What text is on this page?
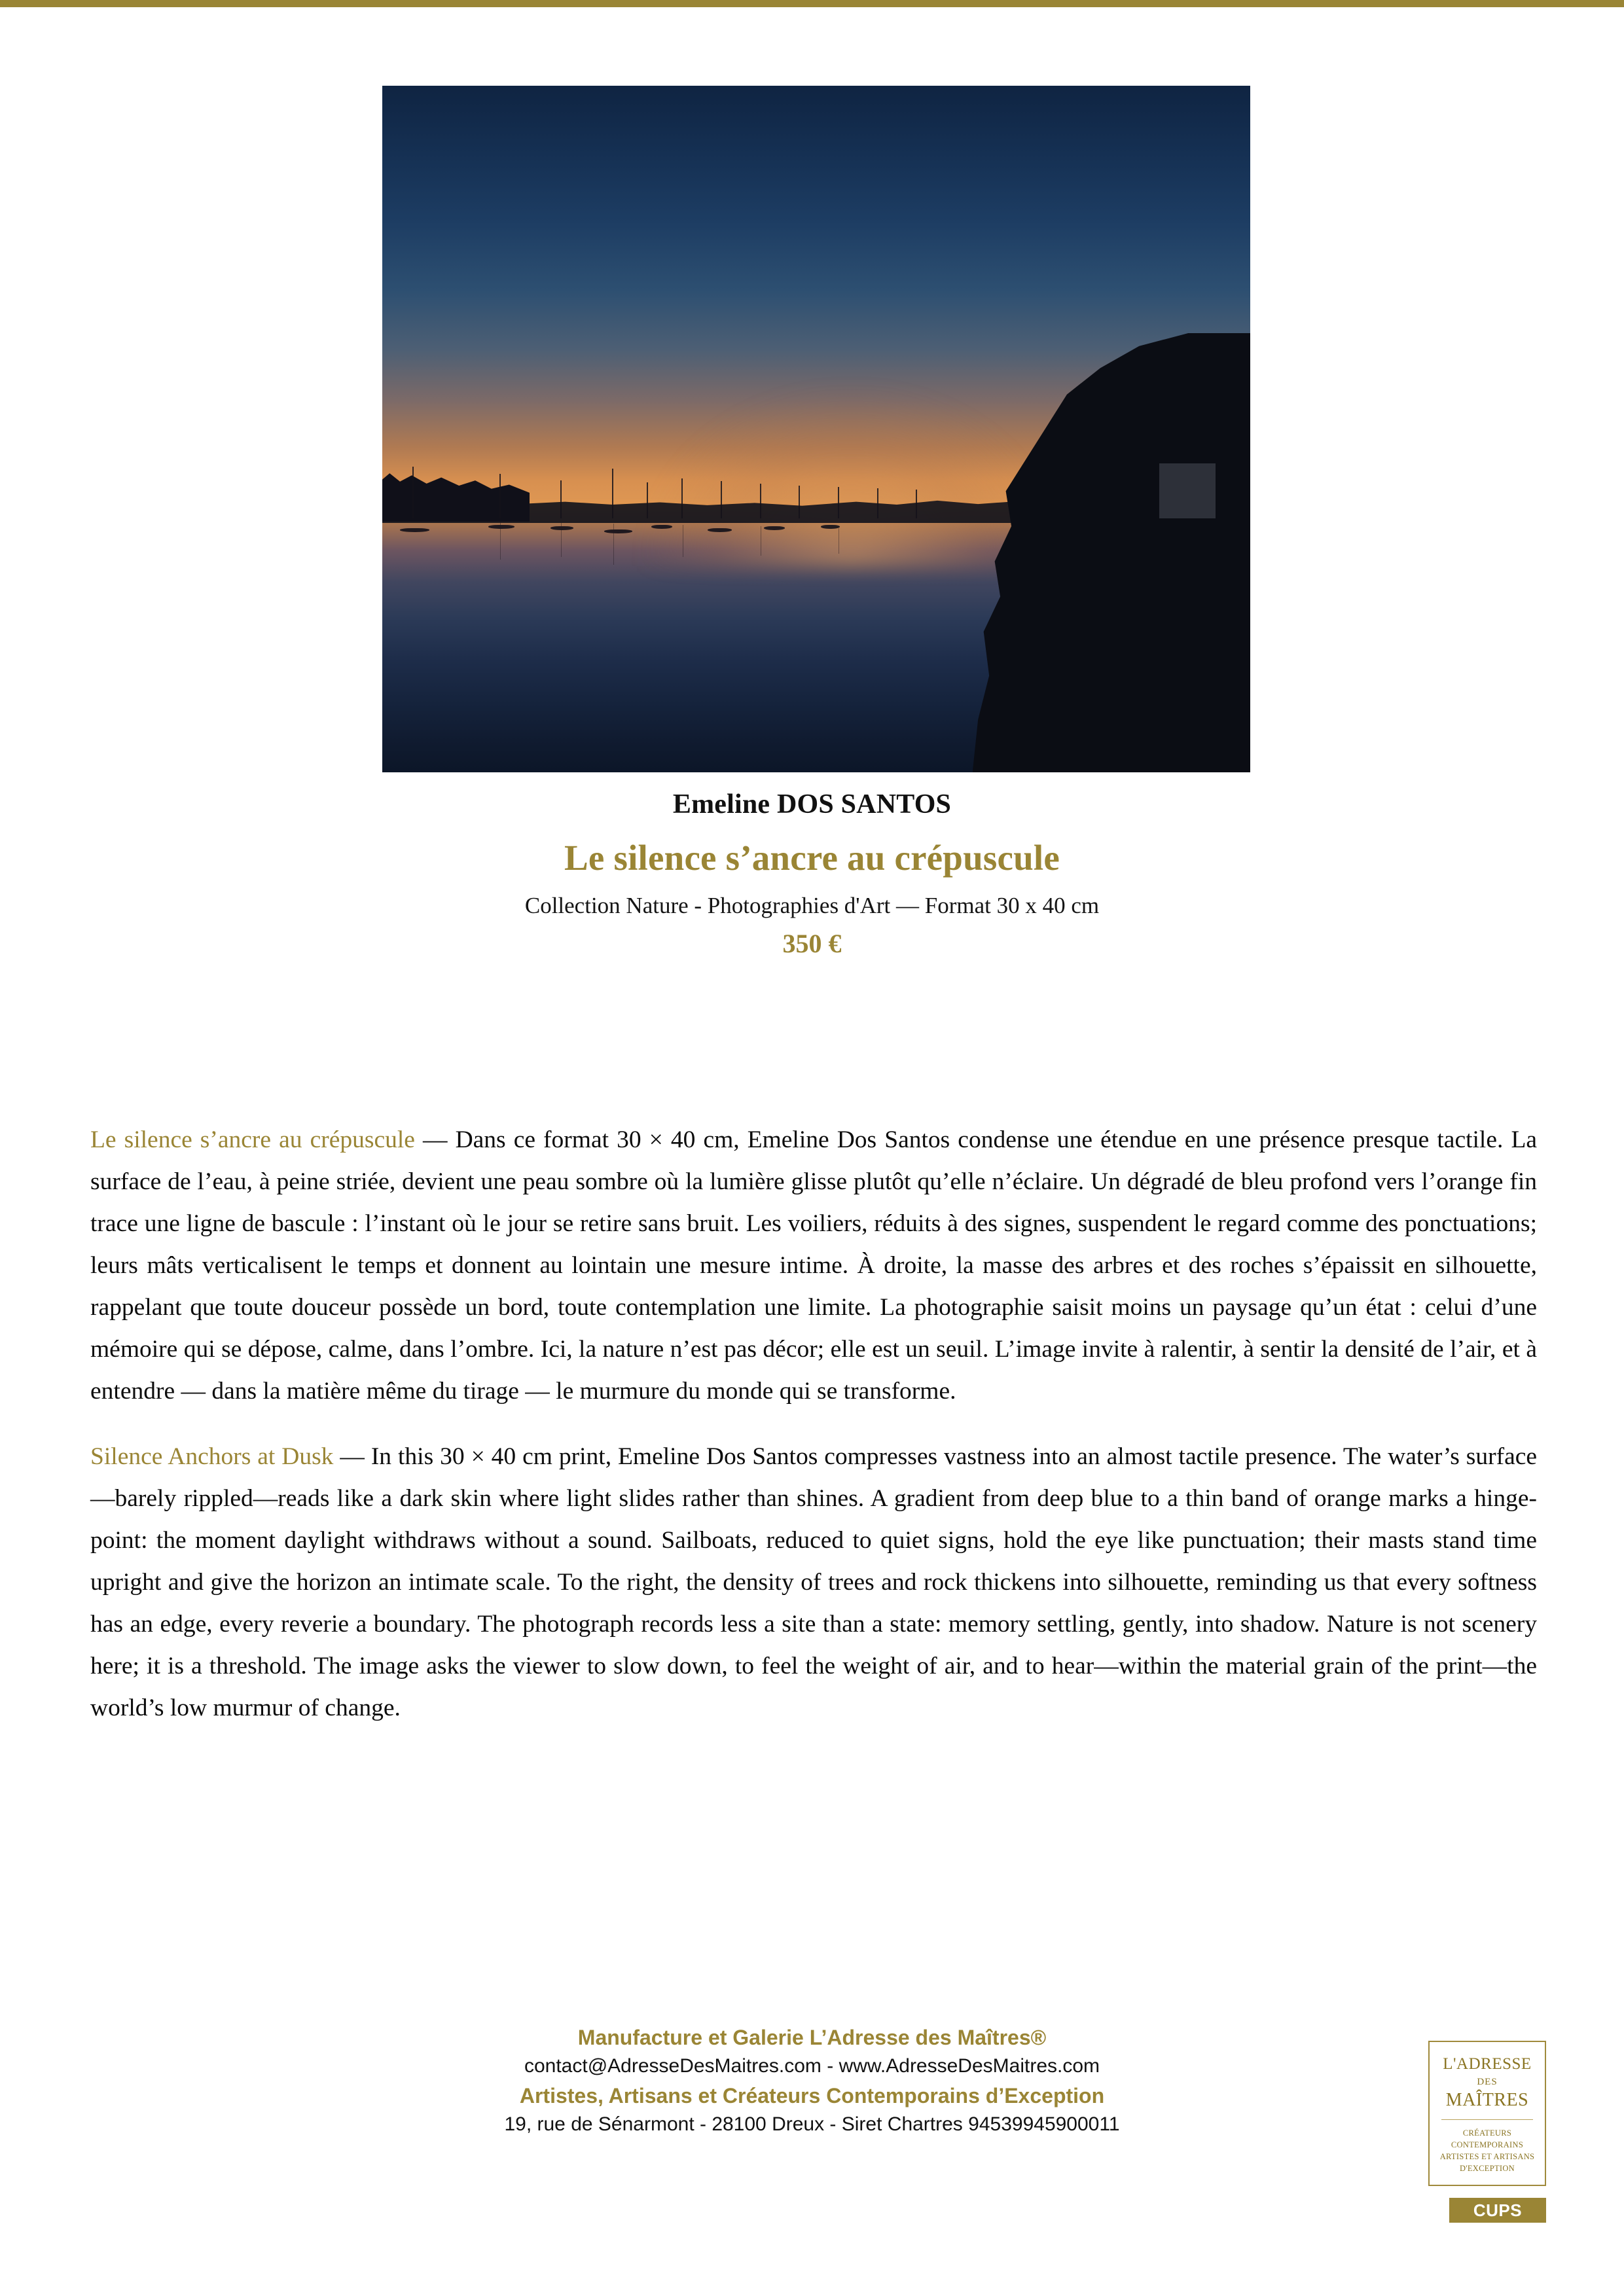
Emeline DOS SANTOS

Le silence s’ancre au crépuscule

Collection Nature - Photographies d'Art — Format 30 x 40 cm

350 €

Le silence s’ancre au crépuscule — Dans ce format 30 × 40 cm, Emeline Dos Santos condense une étendue en une présence presque tactile. La surface de l’eau, à peine striée, devient une peau sombre où la lumière glisse plutôt qu’elle n’éclaire. Un dégradé de bleu profond vers l’orange fin trace une ligne de bascule : l’instant où le jour se retire sans bruit. Les voiliers, réduits à des signes, suspendent le regard comme des ponctuations; leurs mâts verticalisent le temps et donnent au lointain une mesure intime. À droite, la masse des arbres et des roches s’épaissit en silhouette, rappelant que toute douceur possède un bord, toute contemplation une limite. La photographie saisit moins un paysage qu’un état : celui d’une mémoire qui se dépose, calme, dans l’ombre. Ici, la nature n’est pas décor; elle est un seuil. L’image invite à ralentir, à sentir la densité de l’air, et à entendre — dans la matière même du tirage — le murmure du monde qui se transforme.

Silence Anchors at Dusk — In this 30 × 40 cm print, Emeline Dos Santos compresses vastness into an almost tactile presence. The water’s surface—barely rippled—reads like a dark skin where light slides rather than shines. A gradient from deep blue to a thin band of orange marks a hinge-point: the moment daylight withdraws without a sound. Sailboats, reduced to quiet signs, hold the eye like punctuation; their masts stand time upright and give the horizon an intimate scale. To the right, the density of trees and rock thickens into silhouette, reminding us that every softness has an edge, every reverie a boundary. The photograph records less a site than a state: memory settling, gently, into shadow. Nature is not scenery here; it is a threshold. The image asks the viewer to slow down, to feel the weight of air, and to hear—within the material grain of the print—the world’s low murmur of change.

Manufacture et Galerie L’Adresse des Maîtres®

contact@AdresseDesMaitres.com - www.AdresseDesMaitres.com

Artistes, Artisans et Créateurs Contemporains d’Exception

19, rue de Sénarmont - 28100 Dreux - Siret Chartres 94539945900011

L'ADRESSE
DES
MAÎTRES
CRÉATEURS CONTEMPORAINS
ARTISTES ET ARTISANS
D'EXCEPTION
CUPS
